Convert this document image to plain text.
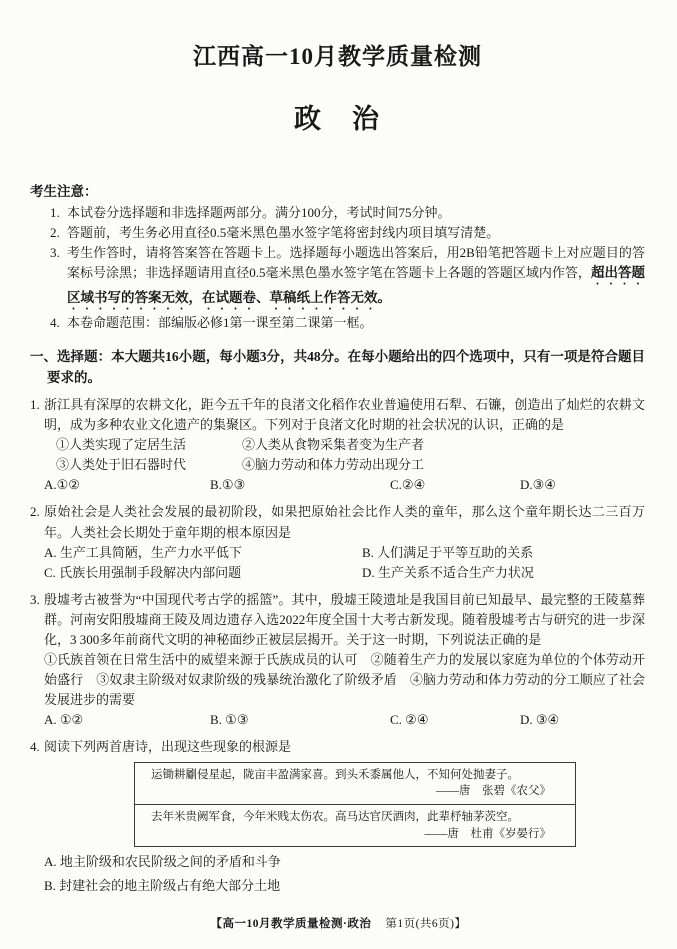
江西高一10月教学质量检测
政　治
考生注意：
1. 本试卷分选择题和非选择题两部分。满分100分，考试时间75分钟。
2. 答题前，考生务必用直径0.5毫米黑色墨水签字笔将密封线内项目填写清楚。
3. 考生作答时，请将答案答在答题卡上。选择题每小题选出答案后，用2B铅笔把答题卡上对应题目的答案标号涂黑；非选择题请用直径0.5毫米黑色墨水签字笔在答题卡上各题的答题区域内作答，超出答题区域书写的答案无效，在试题卷、草稿纸上作答无效。
4. 本卷命题范围：部编版必修1第一课至第二课第一框。
一、选择题：本大题共16小题，每小题3分，共48分。在每小题给出的四个选项中，只有一项是符合题目要求的。
1. 浙江具有深厚的农耕文化，距今五千年的良渚文化稻作农业普遍使用石犁、石镰，创造出了灿烂的农耕文明，成为多种农业文化遗产的集聚区。下列对于良渚文化时期的社会状况的认识，正确的是
①人类实现了定居生活	②人类从食物采集者变为生产者
③人类处于旧石器时代	④脑力劳动和体力劳动出现分工
A.①②	B.①③	C.②④	D.③④
2. 原始社会是人类社会发展的最初阶段，如果把原始社会比作人类的童年，那么这个童年期长达二三百万年。人类社会长期处于童年期的根本原因是
A. 生产工具简陋，生产力水平低下	B. 人们满足于平等互助的关系
C. 氏族长用强制手段解决内部问题	D. 生产关系不适合生产力状况
3. 殷墟考古被誉为“中国现代考古学的摇篮”。其中，殷墟王陵遗址是我国目前已知最早、最完整的王陵墓葬群。河南安阳殷墟商王陵及周边遗存入选2022年度全国十大考古新发现。随着殷墟考古与研究的进一步深化，3 300多年前商代文明的神秘面纱正被层层揭开。关于这一时期，下列说法正确的是
①氏族首领在日常生活中的威望来源于氏族成员的认可　②随着生产力的发展以家庭为单位的个体劳动开始盛行　③奴隶主阶级对奴隶阶级的残暴统治激化了阶级矛盾　④脑力劳动和体力劳动的分工顺应了社会发展进步的需要
A. ①②	B. ①③	C. ②④	D. ③④
4. 阅读下列两首唐诗，出现这些现象的根源是
运锄耕劚侵星起，陇亩丰盈满家喜。到头禾黍属他人，不知何处抛妻子。
——唐　张碧《农父》
去年米贵阙军食，今年米贱太伤农。高马达官厌酒肉，此辈杼轴茅茨空。
——唐　杜甫《岁晏行》
A. 地主阶级和农民阶级之间的矛盾和斗争
B. 封建社会的地主阶级占有绝大部分土地
【高一10月教学质量检测·政治 第1页(共6页)】
